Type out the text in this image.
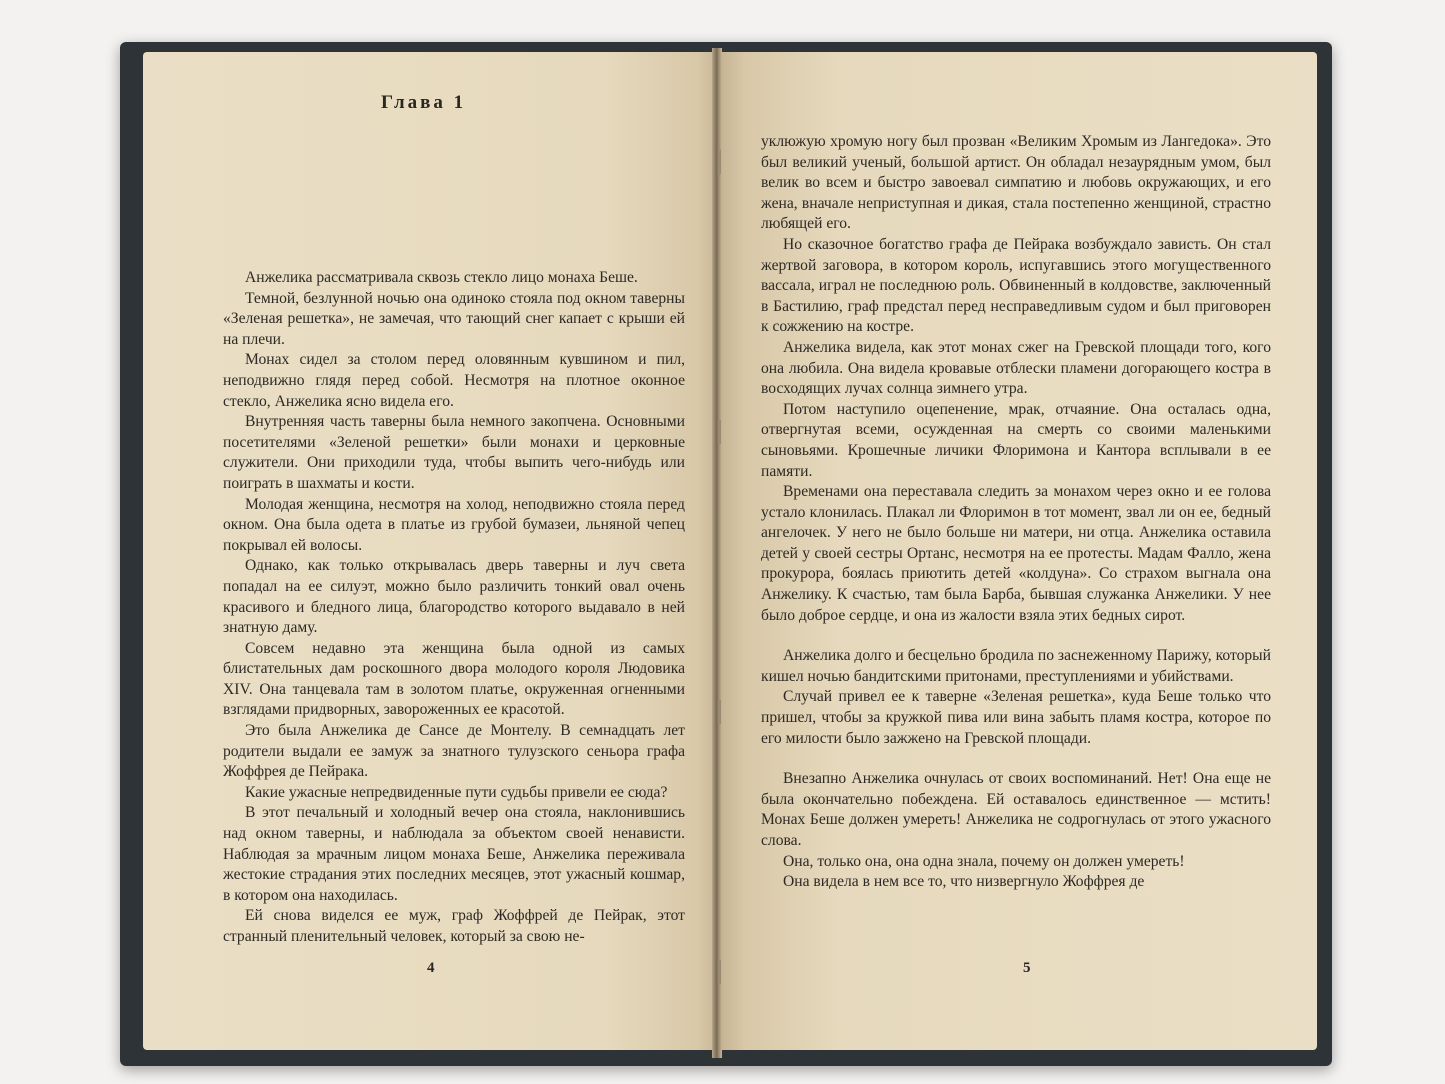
Глава 1

Анжелика рассматривала сквозь стекло лицо монаха Беше.

Темной, безлунной ночью она одиноко стояла под окном таверны «Зеленая решетка», не замечая, что тающий снег капает с крыши ей на плечи.

Монах сидел за столом перед оловянным кувшином и пил, неподвижно глядя перед собой. Несмотря на плотное оконное стекло, Анжелика ясно видела его.

Внутренняя часть таверны была немного закопчена. Основными посетителями «Зеленой решетки» были монахи и церковные служители. Они приходили туда, чтобы выпить чего-нибудь или поиграть в шахматы и кости.

Молодая женщина, несмотря на холод, неподвижно стояла перед окном. Она была одета в платье из грубой бумазеи, льняной чепец покрывал ей волосы.

Однако, как только открывалась дверь таверны и луч света попадал на ее силуэт, можно было различить тонкий овал очень красивого и бледного лица, благородство которого выдавало в ней знатную даму.

Совсем недавно эта женщина была одной из самых блистательных дам роскошного двора молодого короля Людовика XIV. Она танцевала там в золотом платье, окруженная огненными взглядами придворных, завороженных ее красотой.

Это была Анжелика де Сансе де Монтелу. В семнадцать лет родители выдали ее замуж за знатного тулузского сеньора графа Жоффрея де Пейрака.

Какие ужасные непредвиденные пути судьбы привели ее сюда?

В этот печальный и холодный вечер она стояла, наклонившись над окном таверны, и наблюдала за объектом своей ненависти. Наблюдая за мрачным лицом монаха Беше, Анжелика переживала жестокие страдания этих последних месяцев, этот ужасный кошмар, в котором она находилась.

Ей снова виделся ее муж, граф Жоффрей де Пейрак, этот странный пленительный человек, который за свою не-

4

уклюжую хромую ногу был прозван «Великим Хромым из Лангедока». Это был великий ученый, большой артист. Он обладал незаурядным умом, был велик во всем и быстро завоевал симпатию и любовь окружающих, и его жена, вначале неприступная и дикая, стала постепенно женщиной, страстно любящей его.

Но сказочное богатство графа де Пейрака возбуждало зависть. Он стал жертвой заговора, в котором король, испугавшись этого могущественного вассала, играл не последнюю роль. Обвиненный в колдовстве, заключенный в Бастилию, граф предстал перед несправедливым судом и был приговорен к сожжению на костре.

Анжелика видела, как этот монах сжег на Гревской площади того, кого она любила. Она видела кровавые отблески пламени догорающего костра в восходящих лучах солнца зимнего утра.

Потом наступило оцепенение, мрак, отчаяние. Она осталась одна, отвергнутая всеми, осужденная на смерть со своими маленькими сыновьями. Крошечные личики Флоримона и Кантора всплывали в ее памяти.

Временами она переставала следить за монахом через окно и ее голова устало клонилась. Плакал ли Флоримон в тот момент, звал ли он ее, бедный ангелочек. У него не было больше ни матери, ни отца. Анжелика оставила детей у своей сестры Ортанс, несмотря на ее протесты. Мадам Фалло, жена прокурора, боялась приютить детей «колдуна». Со страхом выгнала она Анжелику. К счастью, там была Барба, бывшая служанка Анжелики. У нее было доброе сердце, и она из жалости взяла этих бедных сирот.

Анжелика долго и бесцельно бродила по заснеженному Парижу, который кишел ночью бандитскими притонами, преступлениями и убийствами.

Случай привел ее к таверне «Зеленая решетка», куда Беше только что пришел, чтобы за кружкой пива или вина забыть пламя костра, которое по его милости было зажжено на Гревской площади.

Внезапно Анжелика очнулась от своих воспоминаний. Нет! Она еще не была окончательно побеждена. Ей оставалось единственное — мстить! Монах Беше должен умереть! Анжелика не содрогнулась от этого ужасного слова.

Она, только она, она одна знала, почему он должен умереть!

Она видела в нем все то, что низвергнуло Жоффрея де

5
